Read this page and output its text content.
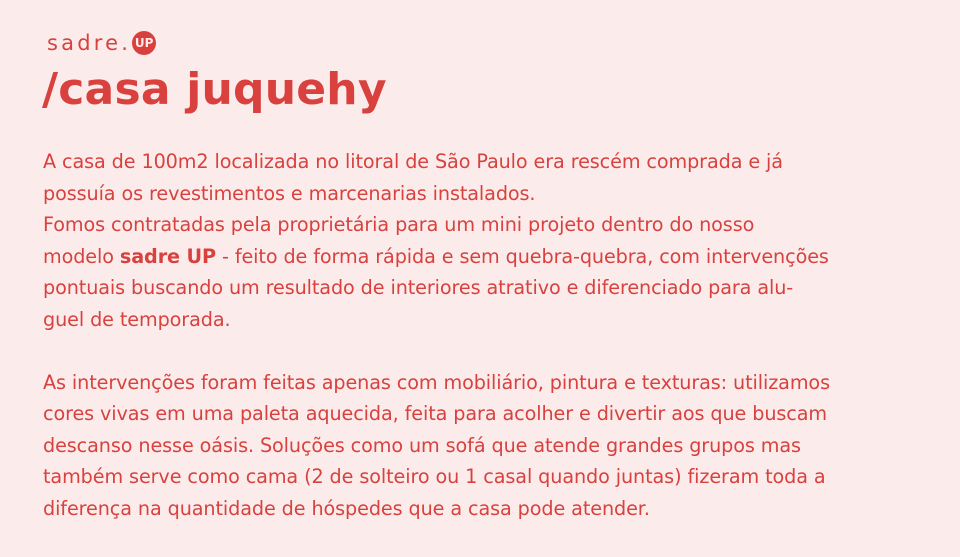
sadre. UP
/casa juquehy

A casa de 100m2 localizada no litoral de São Paulo era rescém comprada e já
possuía os revestimentos e marcenarias instalados.
Fomos contratadas pela proprietária para um mini projeto dentro do nosso
modelo sadre UP - feito de forma rápida e sem quebra-quebra, com intervenções
pontuais buscando um resultado de interiores atrativo e diferenciado para alu-
guel de temporada.

As intervenções foram feitas apenas com mobiliário, pintura e texturas: utilizamos
cores vivas em uma paleta aquecida, feita para acolher e divertir aos que buscam
descanso nesse oásis. Soluções como um sofá que atende grandes grupos mas
também serve como cama (2 de solteiro ou 1 casal quando juntas) fizeram toda a
diferença na quantidade de hóspedes que a casa pode atender.
